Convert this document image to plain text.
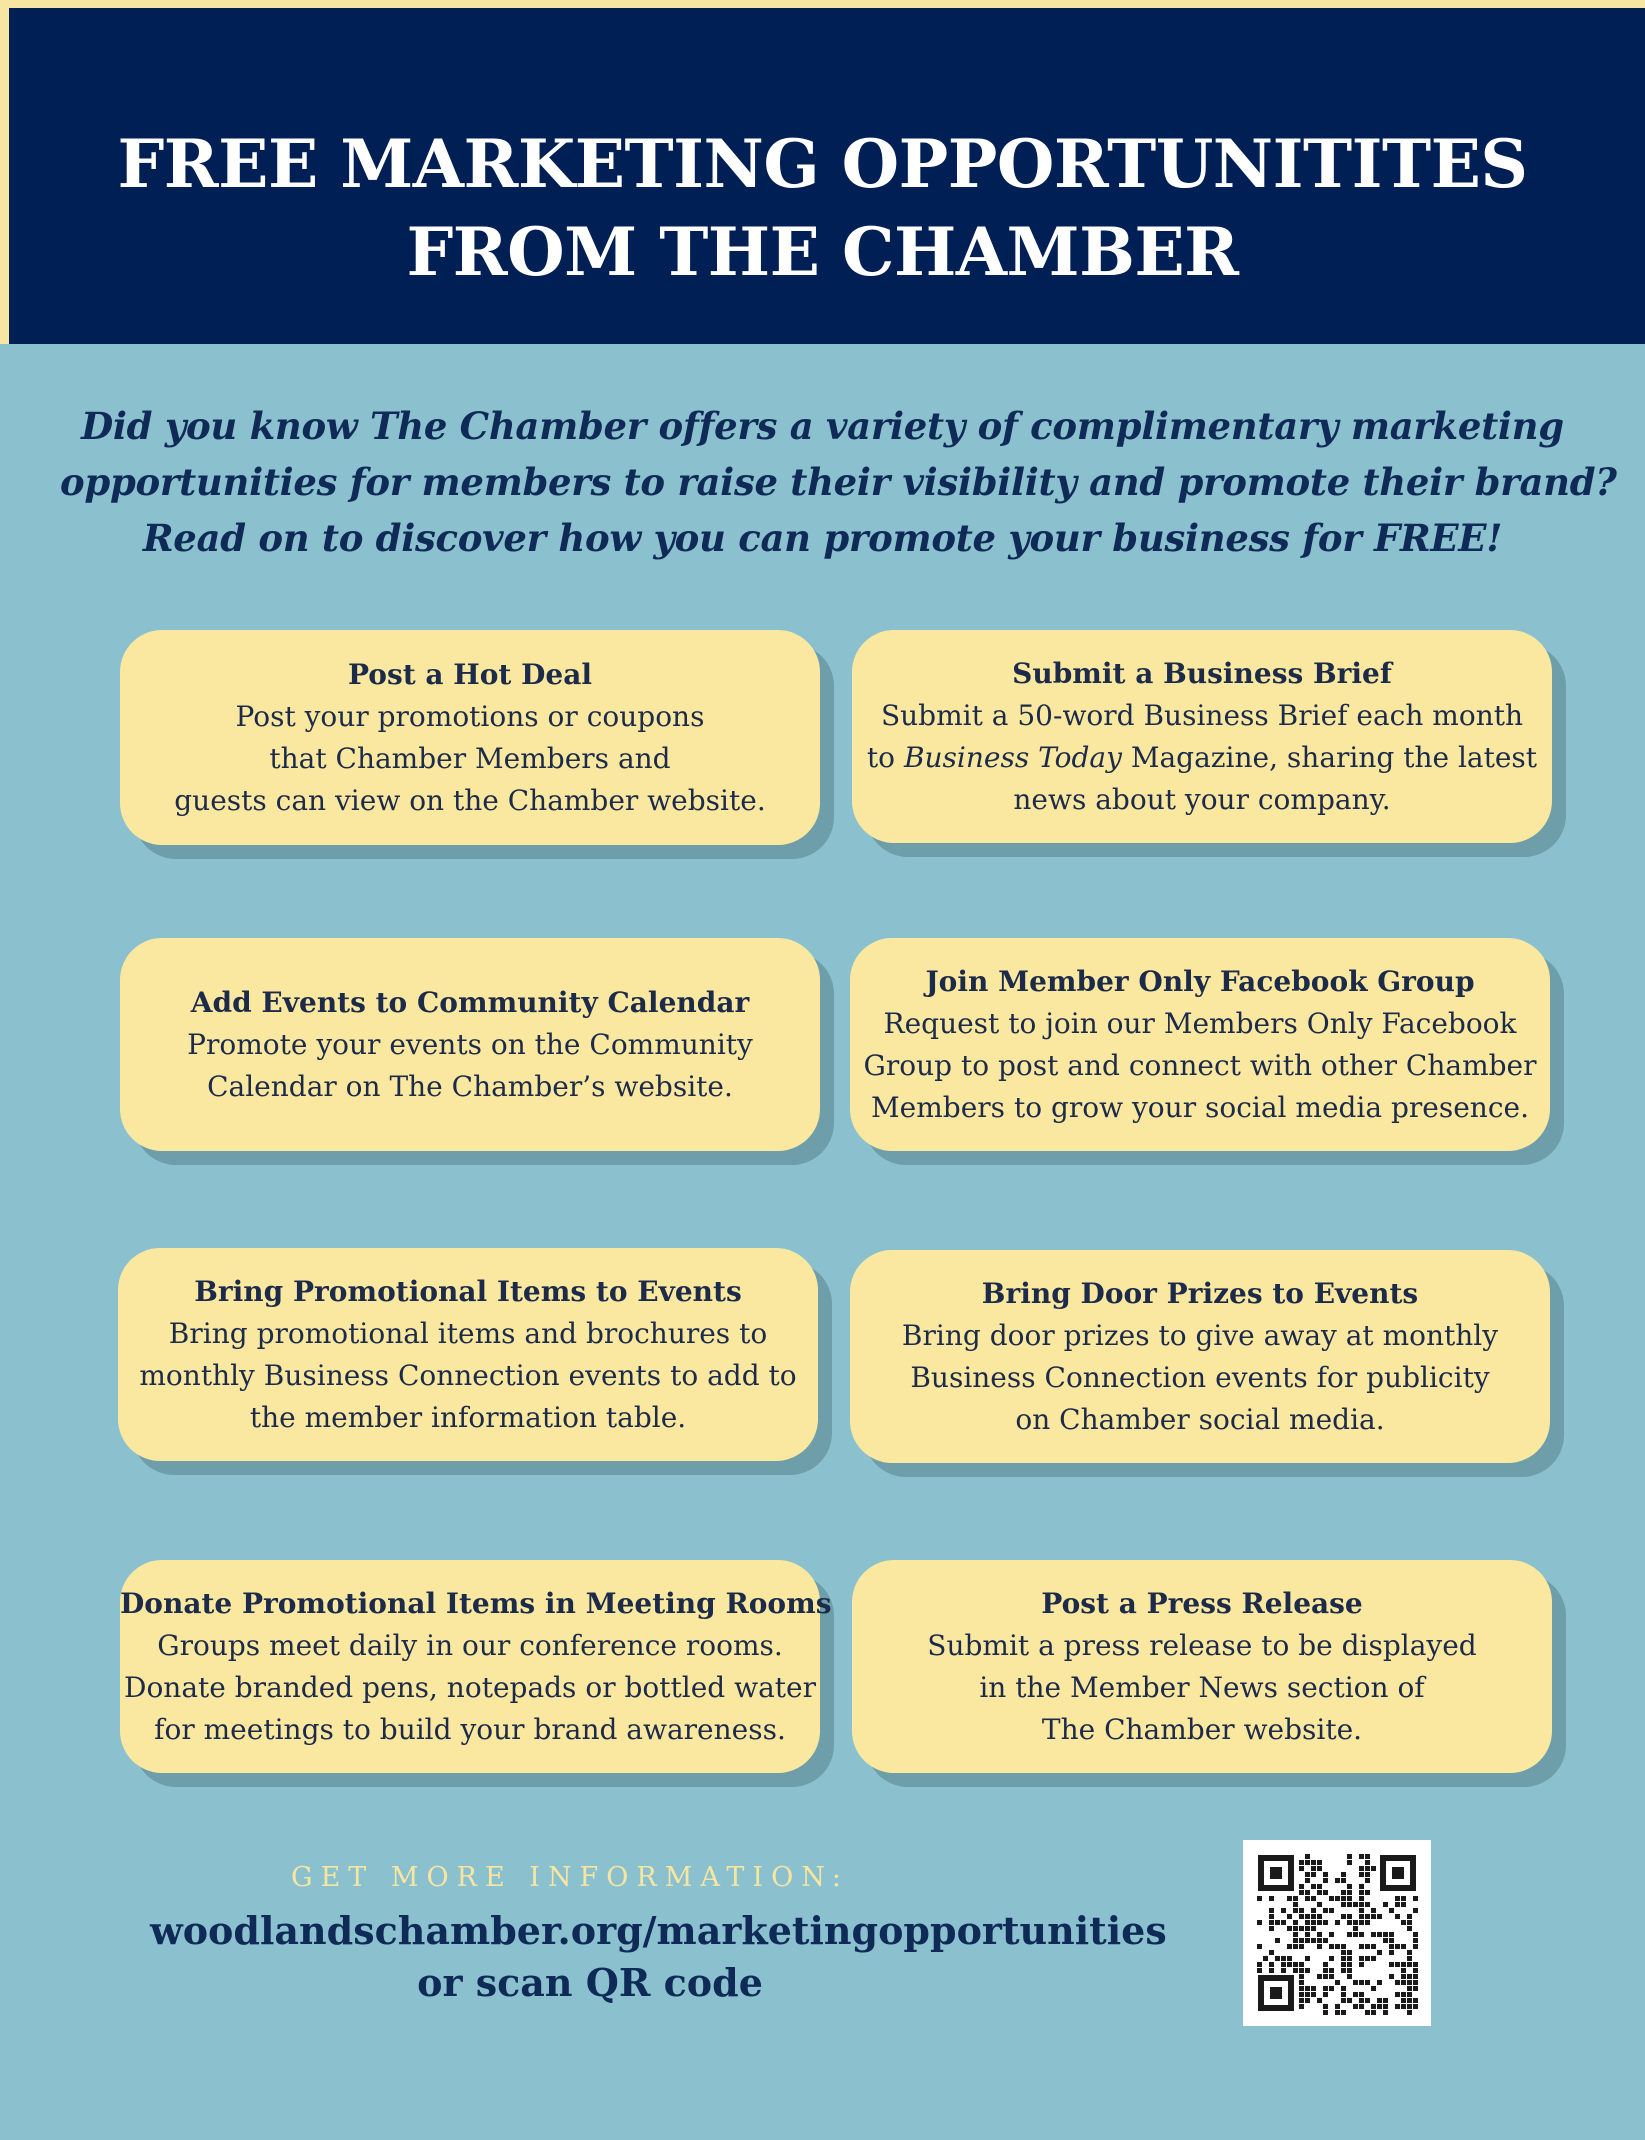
FREE MARKETING OPPORTUNITITES
FROM THE CHAMBER
Did you know The Chamber offers a variety of complimentary marketing
opportunities for members to raise their visibility and promote their brand?
Read on to discover how you can promote your business for FREE!
Post a Hot Deal
Post your promotions or coupons
that Chamber Members and
guests can view on the Chamber website.
Submit a Business Brief
Submit a 50-word Business Brief each month
to Business Today Magazine, sharing the latest
news about your company.
Add Events to Community Calendar
Promote your events on the Community
Calendar on The Chamber’s website.
Join Member Only Facebook Group
Request to join our Members Only Facebook
Group to post and connect with other Chamber
Members to grow your social media presence.
Bring Promotional Items to Events
Bring promotional items and brochures to
monthly Business Connection events to add to
the member information table.
Bring Door Prizes to Events
Bring door prizes to give away at monthly
Business Connection events for publicity
on Chamber social media.
Donate Promotional Items in Meeting Rooms
Groups meet daily in our conference rooms.
Donate branded pens, notepads or bottled water
for meetings to build your brand awareness.
Post a Press Release
Submit a press release to be displayed
in the Member News section of
The Chamber website.
GET MORE INFORMATION:
woodlandschamber.org/marketingopportunities
or scan QR code
